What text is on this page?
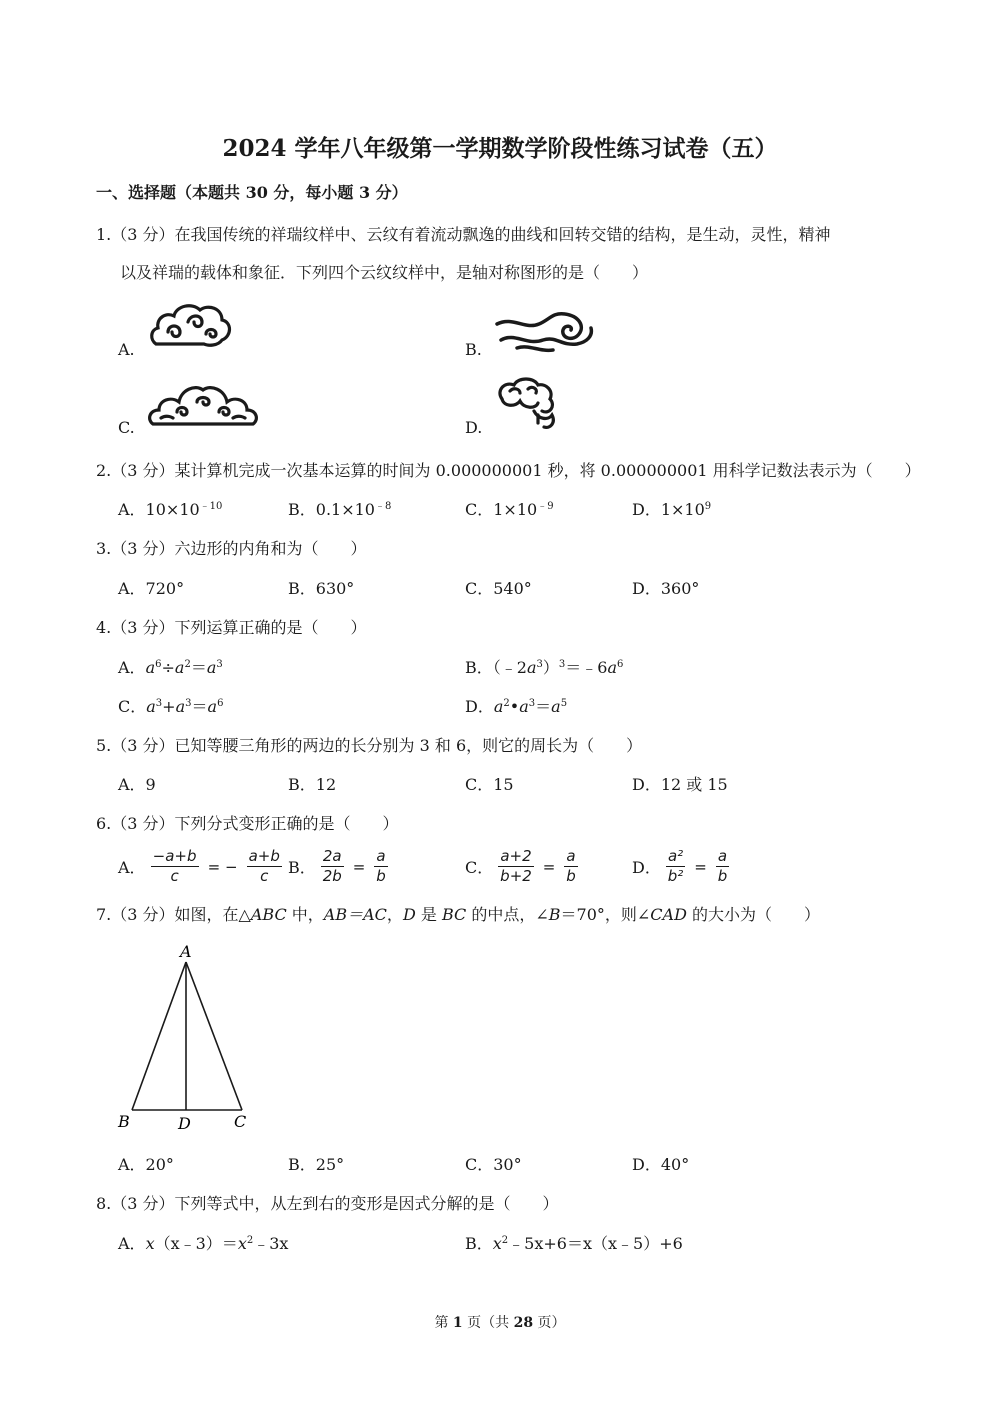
2024 学年八年级第一学期数学阶段性练习试卷（五）
一、选择题（本题共 30 分，每小题 3 分）
1.（3 分）在我国传统的祥瑞纹样中、云纹有着流动飘逸的曲线和回转交错的结构，是生动，灵性，精神
以及祥瑞的载体和象征．下列四个云纹纹样中，是轴对称图形的是（　　）
A.	B.
C.	D.
2.（3 分）某计算机完成一次基本运算的时间为 0.000000001 秒，将 0.000000001 用科学记数法表示为（　　）
A．$10\times 10^{﹣10}$	B．$0.1\times 10^{﹣8}$	C．$1\times 10^{﹣9}$	D．$1\times 10^9$
3.（3 分）六边形的内角和为（　　）
A．720°	B．630°	C．540°	D．360°
4.（3 分）下列运算正确的是（　　）
A．$a^6\div a^2=a^3$	B．$(﹣2a^3)^3=﹣6a^6$
C．$a^3+a^3=a^6$	D．$a^2•a^3=a^5$
5.（3 分）已知等腰三角形的两边的长分别为 3 和 6，则它的周长为（　　）
A．9	B．12	C．15	D．12 或 15
6.（3 分）下列分式变形正确的是（　　）
A． $\frac{-a+b}{c}$ = − $\frac{a+b}{c}$ B． $\frac{2a}{2b} = \frac{a}{b}$	C． $\frac{a+2}{b+2} = \frac{a}{b}$	D． $\frac{\text{a²}}{\text{b²}} = \frac{a}{b}$
7.（3 分）如图，在△ABC 中，AB＝AC，D 是 BC 的中点，∠B＝70°，则∠CAD 的大小为（　　）
A
B	D	C
A．20°	B．25°	C．30°	D．40°
8.（3 分）下列等式中，从左到右的变形是因式分解的是（　　）
A．$x(x﹣3)=x^2﹣3x$	B．$x^2﹣5x+6=x(x﹣5)+6$
第 1 页（共 28 页）
